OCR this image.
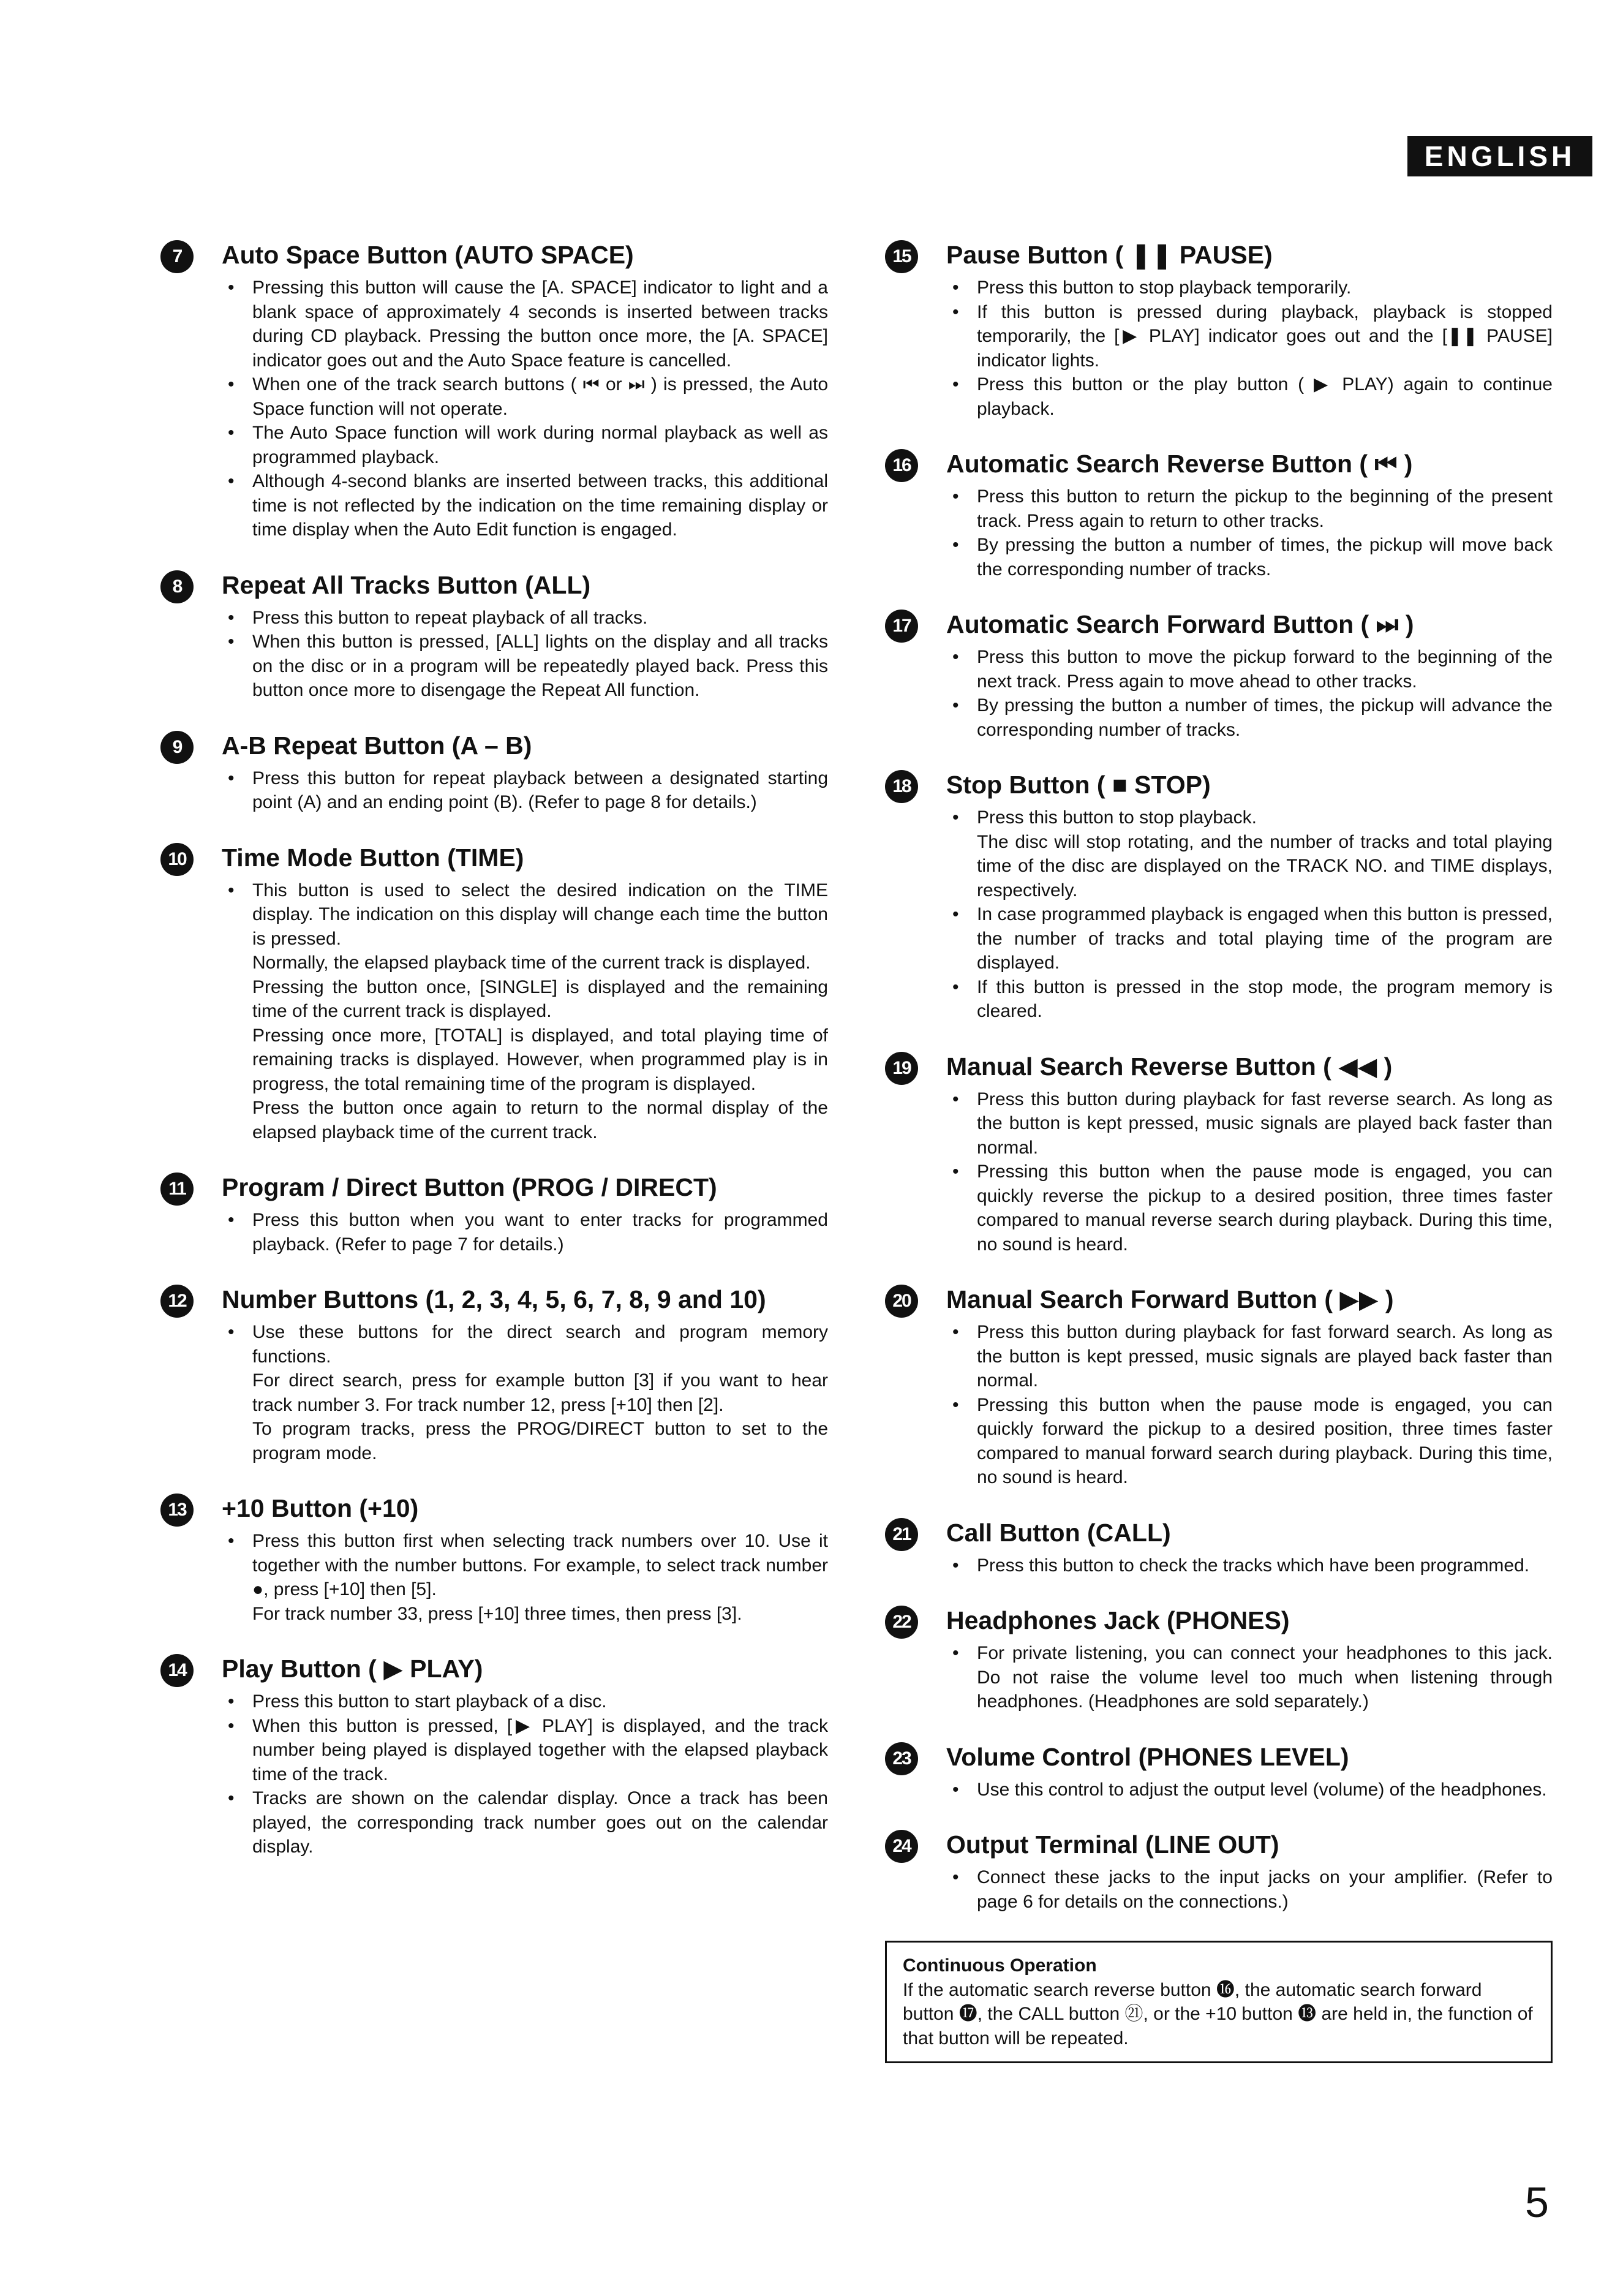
ENGLISH
7	Auto Space Button (AUTO SPACE)
• Pressing this button will cause the [A. SPACE] indicator to light and a blank space of approximately 4 seconds is inserted between tracks during CD playback. Pressing the button once more, the [A. SPACE] indicator goes out and the Auto Space feature is cancelled.
• When one of the track search buttons ( ⏮ or ⏭ ) is pressed, the Auto Space function will not operate.
• The Auto Space function will work during normal playback as well as programmed playback.
• Although 4-second blanks are inserted between tracks, this additional time is not reflected by the indication on the time remaining display or time display when the Auto Edit function is engaged.
8	Repeat All Tracks Button (ALL)
• Press this button to repeat playback of all tracks.
• When this button is pressed, [ALL] lights on the display and all tracks on the disc or in a program will be repeatedly played back. Press this button once more to disengage the Repeat All function.
9	A-B Repeat Button (A – B)
• Press this button for repeat playback between a designated starting point (A) and an ending point (B). (Refer to page 8 for details.)
10	Time Mode Button (TIME)
• This button is used to select the desired indication on the TIME display. The indication on this display will change each time the button is pressed.
Normally, the elapsed playback time of the current track is displayed.
Pressing the button once, [SINGLE] is displayed and the remaining time of the current track is displayed.
Pressing once more, [TOTAL] is displayed, and total playing time of remaining tracks is displayed. However, when programmed play is in progress, the total remaining time of the program is displayed.
Press the button once again to return to the normal display of the elapsed playback time of the current track.
11	Program / Direct Button (PROG / DIRECT)
• Press this button when you want to enter tracks for programmed playback. (Refer to page 7 for details.)
12	Number Buttons (1, 2, 3, 4, 5, 6, 7, 8, 9 and 10)
• Use these buttons for the direct search and program memory functions.
For direct search, press for example button [3] if you want to hear track number 3. For track number 12, press [+10] then [2].
To program tracks, press the PROG/DIRECT button to set to the program mode.
13	+10 Button (+10)
• Press this button first when selecting track numbers over 10. Use it together with the number buttons. For example, to select track number ●, press [+10] then [5].
For track number 33, press [+10] three times, then press [3].
14	Play Button ( ▶ PLAY)
• Press this button to start playback of a disc.
• When this button is pressed, [▶ PLAY] is displayed, and the track number being played is displayed together with the elapsed playback time of the track.
• Tracks are shown on the calendar display. Once a track has been played, the corresponding track number goes out on the calendar display.
15	Pause Button ( ❚❚ PAUSE)
• Press this button to stop playback temporarily.
• If this button is pressed during playback, playback is stopped temporarily, the [▶ PLAY] indicator goes out and the [❚❚ PAUSE] indicator lights.
• Press this button or the play button ( ▶ PLAY) again to continue playback.
16	Automatic Search Reverse Button ( ⏮ )
• Press this button to return the pickup to the beginning of the present track. Press again to return to other tracks.
• By pressing the button a number of times, the pickup will move back the corresponding number of tracks.
17	Automatic Search Forward Button ( ⏭ )
• Press this button to move the pickup forward to the beginning of the next track. Press again to move ahead to other tracks.
• By pressing the button a number of times, the pickup will advance the corresponding number of tracks.
18	Stop Button ( ■ STOP)
• Press this button to stop playback.
The disc will stop rotating, and the number of tracks and total playing time of the disc are displayed on the TRACK NO. and TIME displays, respectively.
• In case programmed playback is engaged when this button is pressed, the number of tracks and total playing time of the program are displayed.
• If this button is pressed in the stop mode, the program memory is cleared.
19	Manual Search Reverse Button ( ◀◀ )
• Press this button during playback for fast reverse search. As long as the button is kept pressed, music signals are played back faster than normal.
• Pressing this button when the pause mode is engaged, you can quickly reverse the pickup to a desired position, three times faster compared to manual reverse search during playback. During this time, no sound is heard.
20	Manual Search Forward Button ( ▶▶ )
• Press this button during playback for fast forward search. As long as the button is kept pressed, music signals are played back faster than normal.
• Pressing this button when the pause mode is engaged, you can quickly forward the pickup to a desired position, three times faster compared to manual forward search during playback. During this time, no sound is heard.
21	Call Button (CALL)
• Press this button to check the tracks which have been programmed.
22	Headphones Jack (PHONES)
• For private listening, you can connect your headphones to this jack. Do not raise the volume level too much when listening through headphones. (Headphones are sold separately.)
23	Volume Control (PHONES LEVEL)
• Use this control to adjust the output level (volume) of the headphones.
24	Output Terminal (LINE OUT)
• Connect these jacks to the input jacks on your amplifier. (Refer to page 6 for details on the connections.)
Continuous Operation
If the automatic search reverse button ⓰, the automatic search forward button ⓱, the CALL button ㉑, or the +10 button ⓭ are held in, the function of that button will be repeated.
5
